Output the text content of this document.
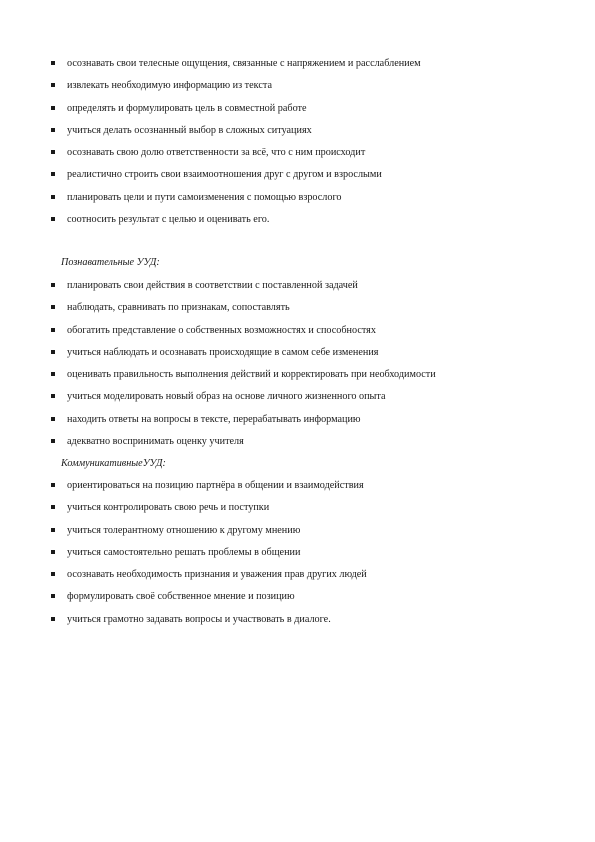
осознавать свои телесные ощущения, связанные с напряжением и расслаблением
извлекать необходимую информацию из текста
определять и формулировать цель в совместной работе
учиться делать осознанный выбор в сложных ситуациях
осознавать свою долю ответственности за всё, что с ним происходит
реалистично строить свои взаимоотношения друг с другом и взрослыми
планировать цели и пути самоизменения с помощью взрослого
соотносить результат с целью и оценивать его.
Познавательные УУД:
планировать свои действия в соответствии с поставленной задачей
наблюдать, сравнивать по признакам, сопоставлять
обогатить представление о собственных возможностях и способностях
учиться наблюдать и осознавать происходящие в самом себе изменения
оценивать правильность выполнения действий и корректировать при необходимости
учиться моделировать новый образ на основе личного жизненного опыта
находить ответы на вопросы в тексте, перерабатывать информацию
адекватно воспринимать оценку учителя
КоммуникативныеУУД:
ориентироваться на позицию партнёра в общении и взаимодействия
учиться контролировать свою речь и поступки
учиться толерантному отношению к другому мнению
учиться самостоятельно решать проблемы в общении
осознавать необходимость признания и уважения прав других людей
формулировать своё собственное мнение и позицию
учиться грамотно задавать вопросы и участвовать в диалоге.
